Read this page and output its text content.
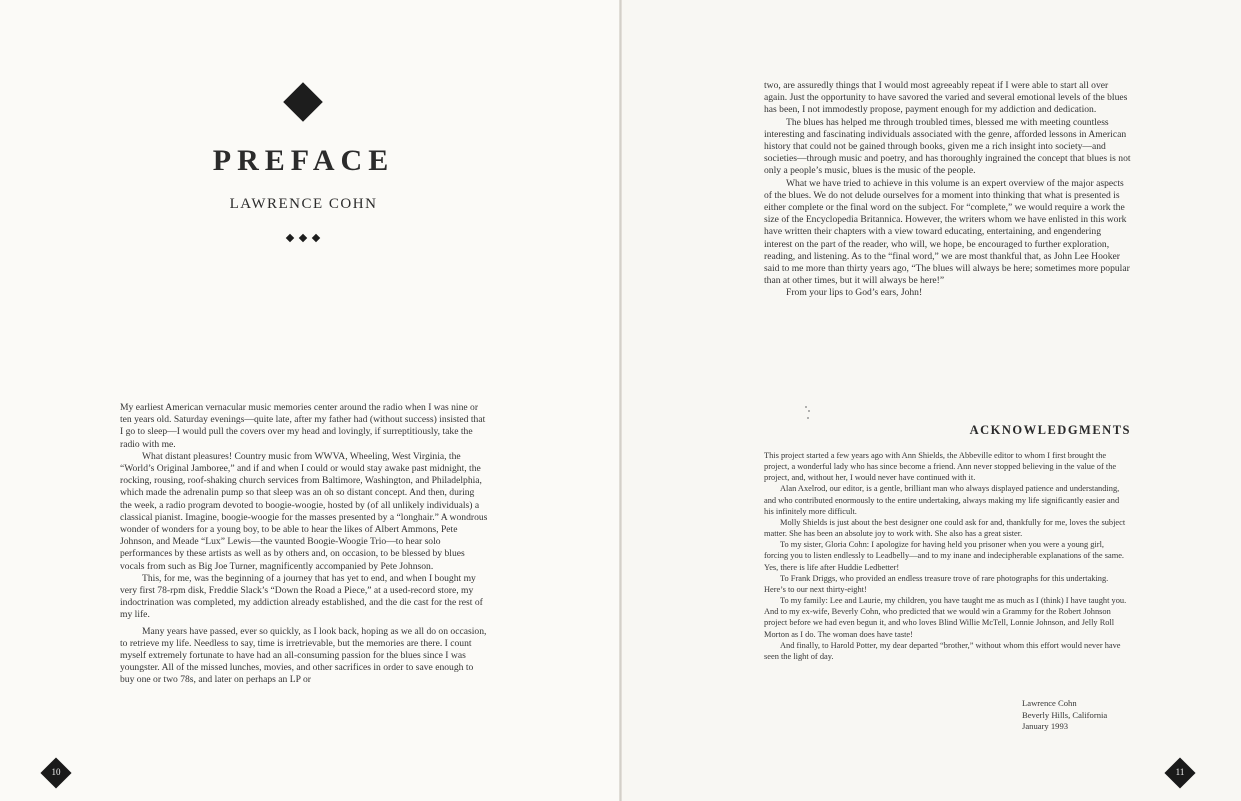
PREFACE
LAWRENCE COHN

My earliest American vernacular music memories center around the radio when I was nine or ten years old. Saturday evenings—quite late, after my father had (without success) insisted that I go to sleep—I would pull the covers over my head and lovingly, if surreptitiously, take the radio with me.

What distant pleasures! Country music from WWVA, Wheeling, West Virginia, the “World’s Original Jamboree,” and if and when I could or would stay awake past midnight, the rocking, rousing, roof-shaking church services from Baltimore, Washington, and Philadelphia, which made the adrenalin pump so that sleep was an oh so distant concept. And then, during the week, a radio program devoted to boogie-woogie, hosted by (of all unlikely individuals) a classical pianist. Imagine, boogie-woogie for the masses presented by a “longhair.” A wondrous wonder of wonders for a young boy, to be able to hear the likes of Albert Ammons, Pete Johnson, and Meade “Lux” Lewis—the vaunted Boogie-Woogie Trio—to hear solo performances by these artists as well as by others and, on occasion, to be blessed by blues vocals from such as Big Joe Turner, magnificently accompanied by Pete Johnson.

This, for me, was the beginning of a journey that has yet to end, and when I bought my very first 78-rpm disk, Freddie Slack’s “Down the Road a Piece,” at a used-record store, my indoctrination was completed, my addiction already established, and the die cast for the rest of my life.

Many years have passed, ever so quickly, as I look back, hoping as we all do on occasion, to retrieve my life. Needless to say, time is irretrievable, but the memories are there. I count myself extremely fortunate to have had an all-consuming passion for the blues since I was youngster. All of the missed lunches, movies, and other sacrifices in order to save enough to buy one or two 78s, and later on perhaps an LP or

two, are assuredly things that I would most agreeably repeat if I were able to start all over again. Just the opportunity to have savored the varied and several emotional levels of the blues has been, I not immodestly propose, payment enough for my addiction and dedication.

The blues has helped me through troubled times, blessed me with meeting countless interesting and fascinating individuals associated with the genre, afforded lessons in American history that could not be gained through books, given me a rich insight into society—and societies—through music and poetry, and has thoroughly ingrained the concept that blues is not only a people’s music, blues is the music of the people.

What we have tried to achieve in this volume is an expert overview of the major aspects of the blues. We do not delude ourselves for a moment into thinking that what is presented is either complete or the final word on the subject. For “complete,” we would require a work the size of the Encyclopedia Britannica. However, the writers whom we have enlisted in this work have written their chapters with a view toward educating, entertaining, and engendering interest on the part of the reader, who will, we hope, be encouraged to further exploration, reading, and listening. As to the “final word,” we are most thankful that, as John Lee Hooker said to me more than thirty years ago, “The blues will always be here; sometimes more popular than at other times, but it will always be here!”

From your lips to God’s ears, John!

ACKNOWLEDGMENTS

This project started a few years ago with Ann Shields, the Abbeville editor to whom I first brought the project, a wonderful lady who has since become a friend. Ann never stopped believing in the value of the project, and, without her, I would never have continued with it.

Alan Axelrod, our editor, is a gentle, brilliant man who always displayed patience and understanding, and who contributed enormously to the entire undertaking, always making my life significantly easier and his infinitely more difficult.

Molly Shields is just about the best designer one could ask for and, thankfully for me, loves the subject matter. She has been an absolute joy to work with. She also has a great sister.

To my sister, Gloria Cohn: I apologize for having held you prisoner when you were a young girl, forcing you to listen endlessly to Leadbelly—and to my inane and indecipherable explanations of the same. Yes, there is life after Huddie Ledbetter!

To Frank Driggs, who provided an endless treasure trove of rare photographs for this undertaking. Here’s to our next thirty-eight!

To my family: Lee and Laurie, my children, you have taught me as much as I (think) I have taught you. And to my ex-wife, Beverly Cohn, who predicted that we would win a Grammy for the Robert Johnson project before we had even begun it, and who loves Blind Willie McTell, Lonnie Johnson, and Jelly Roll Morton as I do. The woman does have taste!

And finally, to Harold Potter, my dear departed “brother,” without whom this effort would never have seen the light of day.

Lawrence Cohn
Beverly Hills, California
January 1993
10	11
